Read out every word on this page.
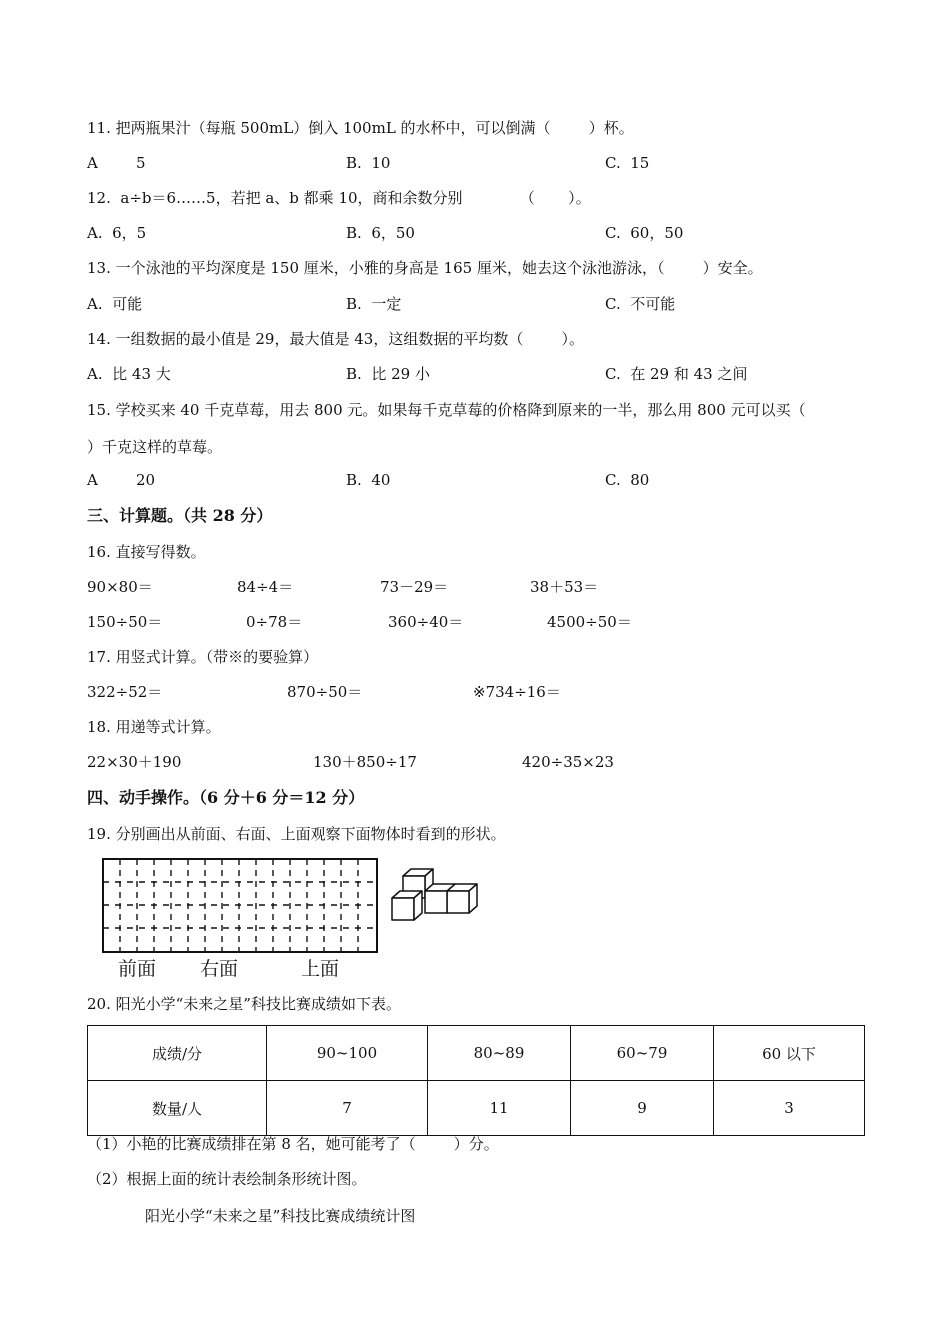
11. 把两瓶果汁（每瓶 500mL）倒入 100mL 的水杯中，可以倒满（        ）杯。
A        5	B.  10	C.  15
12.  a÷b＝6……5，若把 a、b 都乘 10，商和余数分别            （       ）。
A.  6，5	B.  6，50	C.  60，50
13. 一个泳池的平均深度是 150 厘米，小雅的身高是 165 厘米，她去这个泳池游泳，（        ）安全。
A.  可能	B.  一定	C.  不可能
14. 一组数据的最小值是 29，最大值是 43，这组数据的平均数（        ）。
A.  比 43 大	B.  比 29 小	C.  在 29 和 43 之间
15. 学校买来 40 千克草莓，用去 800 元。如果每千克草莓的价格降到原来的一半，那么用 800 元可以买（
）千克这样的草莓。
A        20	B.  40	C.  80
三、计算题。（共 28 分）
16. 直接写得数。
90×80＝	84÷4＝	73－29＝	38＋53＝
150÷50＝	0÷78＝	360÷40＝	4500÷50＝
17. 用竖式计算。（带※的要验算）
322÷52＝	870÷50＝	※734÷16＝
18. 用递等式计算。
22×30＋190	130＋850÷17	420÷35×23
四、动手操作。（6 分＋6 分＝12 分）
19. 分别画出从前面、右面、上面观察下面物体时看到的形状。
前面 右面	上面
20. 阳光小学“未来之星”科技比赛成绩如下表。
成绩/分	90~100	80~89	60~79	60 以下
数量/人	7	11	9	3
（1）小艳的比赛成绩排在第 8 名，她可能考了（        ）分。
（2）根据上面的统计表绘制条形统计图。
阳光小学“未来之星”科技比赛成绩统计图
